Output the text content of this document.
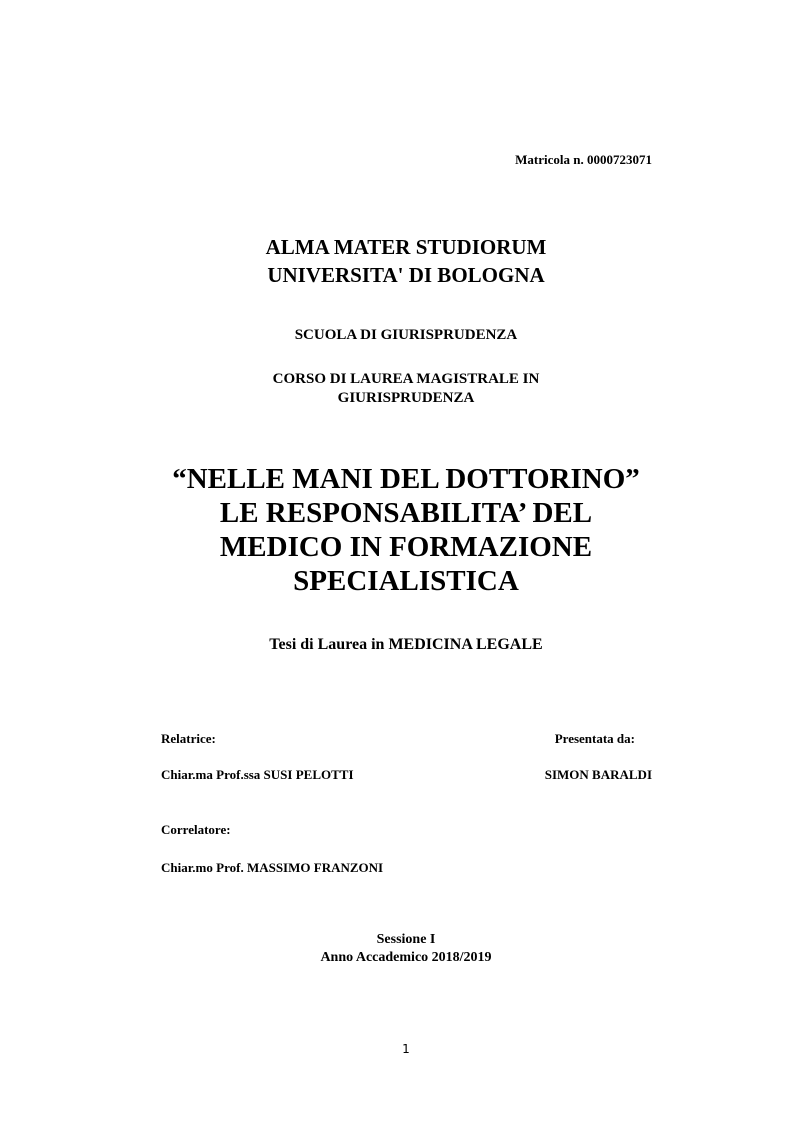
Matricola n. 0000723071
ALMA MATER STUDIORUM
UNIVERSITA' DI BOLOGNA
SCUOLA DI GIURISPRUDENZA
CORSO DI LAUREA MAGISTRALE IN
GIURISPRUDENZA
“NELLE MANI DEL DOTTORINO”
LE RESPONSABILITA’ DEL
MEDICO IN FORMAZIONE
SPECIALISTICA
Tesi di Laurea in MEDICINA LEGALE
Relatrice:	Presentata da:
Chiar.ma Prof.ssa SUSI PELOTTI	SIMON BARALDI
Correlatore:
Chiar.mo Prof. MASSIMO FRANZONI
Sessione I
Anno Accademico 2018/2019
1
